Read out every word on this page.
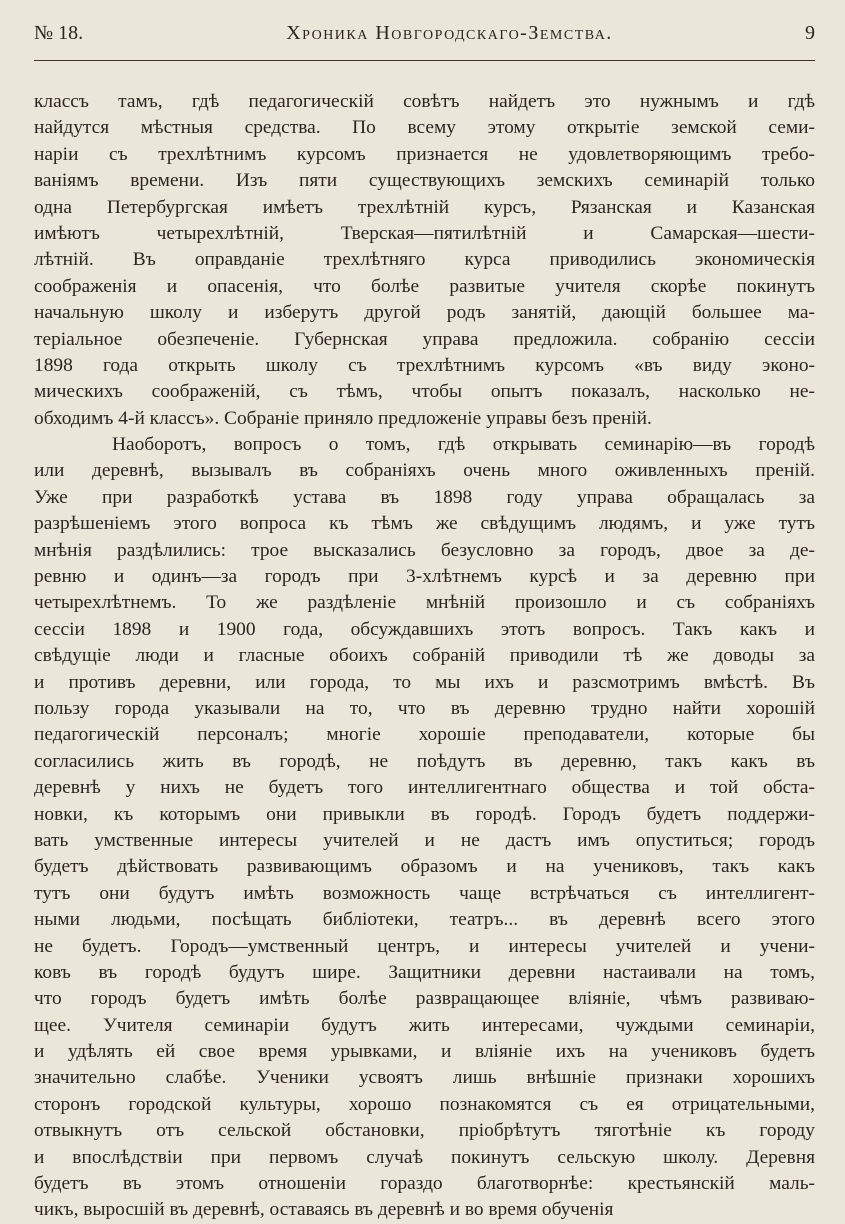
№ 18.	Хроника Новгородскаго-Земства.	9
классъ тамъ, гдѣ педагогическій совѣтъ найдетъ это нужнымъ и гдѣ
найдутся мѣстныя средства. По всему этому открытіе земской семи-
наріи съ трехлѣтнимъ курсомъ признается не удовлетворяющимъ требо-
ваніямъ времени. Изъ пяти существующихъ земскихъ семинарій только
одна Петербургская имѣетъ трехлѣтній курсъ, Рязанская и Казанская
имѣютъ четырехлѣтній, Тверская—пятилѣтній и Самарская—шести-
лѣтній. Въ оправданіе трехлѣтняго курса приводились экономическія
соображенія и опасенія, что болѣе развитые учителя скорѣе покинутъ
начальную школу и изберутъ другой родъ занятій, дающій большее ма-
теріальное обезпеченіе. Губернская управа предложила. собранію сессіи
1898 года открыть школу съ трехлѣтнимъ курсомъ «въ виду эконо-
мическихъ соображеній, съ тѣмъ, чтобы опытъ показалъ, насколько не-
обходимъ 4-й классъ». Собраніе приняло предложеніе управы безъ преній.
Наоборотъ, вопросъ о томъ, гдѣ открывать семинарію—въ городѣ
или деревнѣ, вызывалъ въ собраніяхъ очень много оживленныхъ преній.
Уже при разработкѣ устава въ 1898 году управа обращалась за
разрѣшеніемъ этого вопроса къ тѣмъ же свѣдущимъ людямъ, и уже тутъ
мнѣнія раздѣлились: трое высказались безусловно за городъ, двое за де-
ревню и одинъ—за городъ при 3-хлѣтнемъ курсѣ и за деревню при
четырехлѣтнемъ. То же раздѣленіе мнѣній произошло и съ собраніяхъ
сессіи 1898 и 1900 года, обсуждавшихъ этотъ вопросъ. Такъ какъ и
свѣдущіе люди и гласные обоихъ собраній приводили тѣ же доводы за
и противъ деревни, или города, то мы ихъ и разсмотримъ вмѣстѣ. Въ
пользу города указывали на то, что въ деревню трудно найти хорошій
педагогическій персоналъ; многіе хорошіе преподаватели, которые бы
согласились жить въ городѣ, не поѣдутъ въ деревню, такъ какъ въ
деревнѣ у нихъ не будетъ того интеллигентнаго общества и той обста-
новки, къ которымъ они привыкли въ городѣ. Городъ будетъ поддержи-
вать умственные интересы учителей и не дастъ имъ опуститься; городъ
будетъ дѣйствовать развивающимъ образомъ и на учениковъ, такъ какъ
тутъ они будутъ имѣть возможность чаще встрѣчаться съ интеллигент-
ными людьми, посѣщать библіотеки, театръ... въ деревнѣ всего этого
не будетъ. Городъ—умственный центръ, и интересы учителей и учени-
ковъ въ городѣ будутъ шире. Защитники деревни настаивали на томъ,
что городъ будетъ имѣть болѣе развращающее вліяніе, чѣмъ развиваю-
щее. Учителя семинаріи будутъ жить интересами, чуждыми семинаріи,
и удѣлять ей свое время урывками, и вліяніе ихъ на учениковъ будетъ
значительно слабѣе. Ученики усвоятъ лишь внѣшніе признаки хорошихъ
сторонъ городской культуры, хорошо познакомятся съ ея отрицательными,
отвыкнутъ отъ сельской обстановки, пріобрѣтутъ тяготѣніе къ городу
и впослѣдствіи при первомъ случаѣ покинутъ сельскую школу. Деревня
будетъ въ этомъ отношеніи гораздо благотворнѣе: крестьянскій маль-
чикъ, выросшій въ деревнѣ, оставаясь въ деревнѣ и во время обученія
